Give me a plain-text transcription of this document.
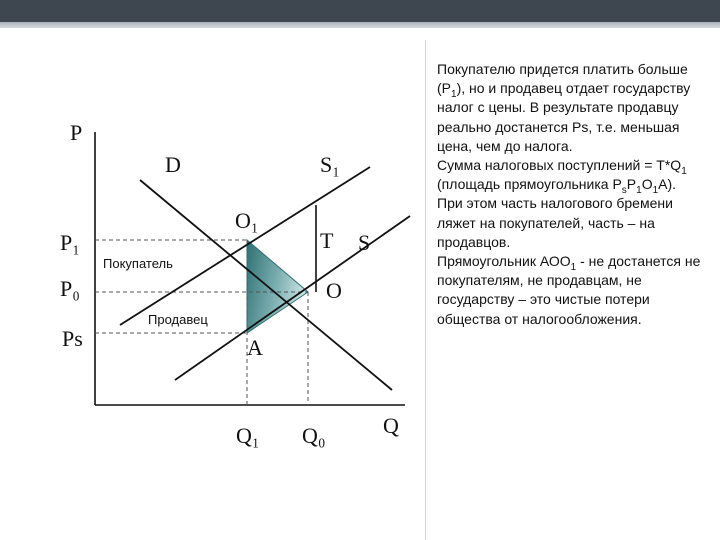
P
Q
D	S₁
S
T
O₁
O
A
P₁
P₀
Ps
Q₁ Q₀
Покупатель
Продавец
Покупателю придется платить больше $(Р_1)$, но и продавец отдает государству налог с цены. В результате продавцу реально достанется Рs, т.е. меньшая цена, чем до налога.
Сумма налоговых поступлений = $Т*Q_1$
(площадь прямоугольника $Р_sР_1О_1А$).
При этом часть налогового бремени ляжет на покупателей, часть – на продавцов.
Прямоугольник $АОО_1$ - не достанется не покупателям, не продавцам, не государству – это чистые потери общества от налогообложения.
